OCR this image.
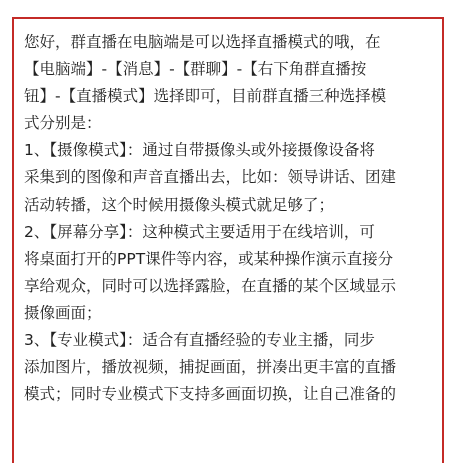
您好，群直播在电脑端是可以选择直播模式的哦，在
【电脑端】-【消息】-【群聊】-【右下角群直播按
钮】-【直播模式】选择即可，目前群直播三种选择模
式分别是：
1、【摄像模式】：通过自带摄像头或外接摄像设备将
采集到的图像和声音直播出去，比如：领导讲话、团建
活动转播，这个时候用摄像头模式就足够了；
2、【屏幕分享】：这种模式主要适用于在线培训，可
将桌面打开的PPT课件等内容，或某种操作演示直接分
享给观众，同时可以选择露脸，在直播的某个区域显示
摄像画面；
3、【专业模式】：适合有直播经验的专业主播，同步
添加图片，播放视频，捕捉画面，拼凑出更丰富的直播
模式；同时专业模式下支持多画面切换，让自己准备的
